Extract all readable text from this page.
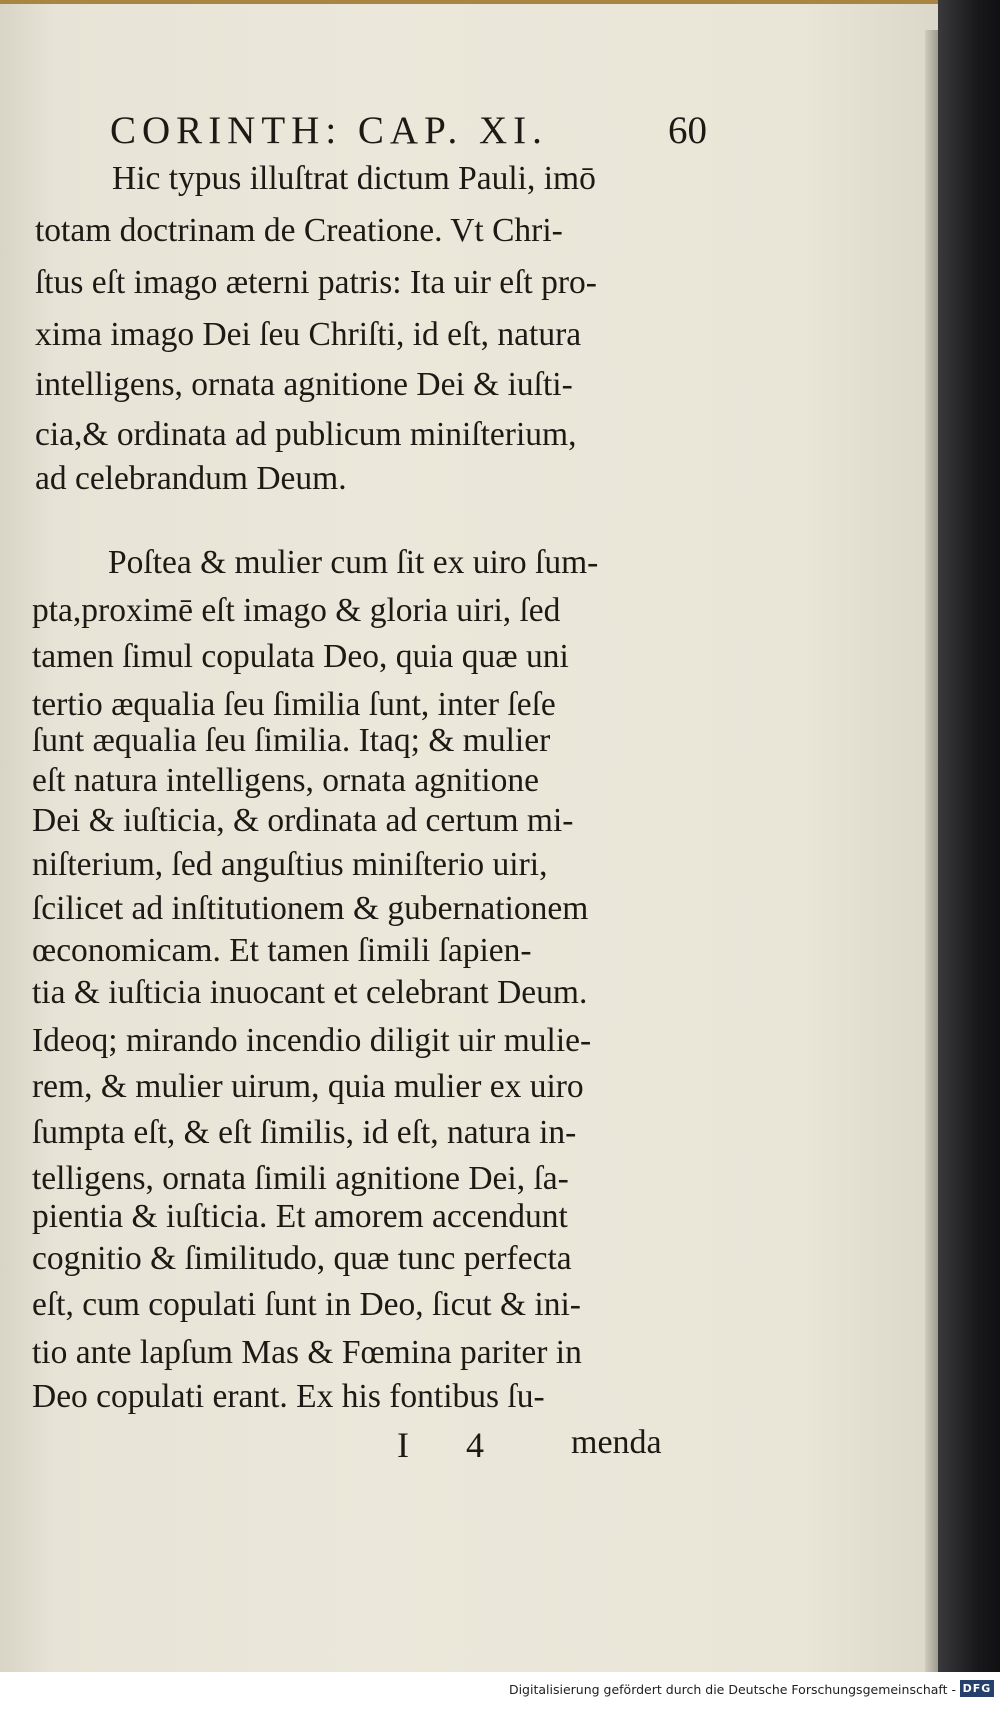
CORINTH: CAP. XI.	60
Hic typus illuſtrat dictum Pauli, imō
totam doctrinam de Creatione. Vt Chri-
ſtus eſt imago æterni patris: Ita uir eſt pro-
xima imago Dei ſeu Chriſti, id eſt, natura
intelligens, ornata agnitione Dei & iuſti-
cia,& ordinata ad publicum miniſterium,
ad celebrandum Deum.
Poſtea & mulier cum ſit ex uiro ſum-
pta,proximē eſt imago & gloria uiri, ſed
tamen ſimul copulata Deo, quia quæ uni
tertio æqualia ſeu ſimilia ſunt, inter ſeſe
ſunt æqualia ſeu ſimilia. Itaq; & mulier
eſt natura intelligens, ornata agnitione
Dei & iuſticia, & ordinata ad certum mi-
niſterium, ſed anguſtius miniſterio uiri,
ſcilicet ad inſtitutionem & gubernationem
œconomicam. Et tamen ſimili ſapien-
tia & iuſticia inuocant et celebrant Deum.
Ideoq; mirando incendio diligit uir mulie-
rem, & mulier uirum, quia mulier ex uiro
ſumpta eſt, & eſt ſimilis, id eſt, natura in-
telligens, ornata ſimili agnitione Dei, ſa-
pientia & iuſticia. Et amorem accendunt
cognitio & ſimilitudo, quæ tunc perfecta
eſt, cum copulati ſunt in Deo, ſicut & ini-
tio ante lapſum Mas & Fœmina pariter in
Deo copulati erant. Ex his fontibus ſu-
I 4 menda
Digitalisierung gefördert durch die Deutsche Forschungsgemeinschaft - DFG
